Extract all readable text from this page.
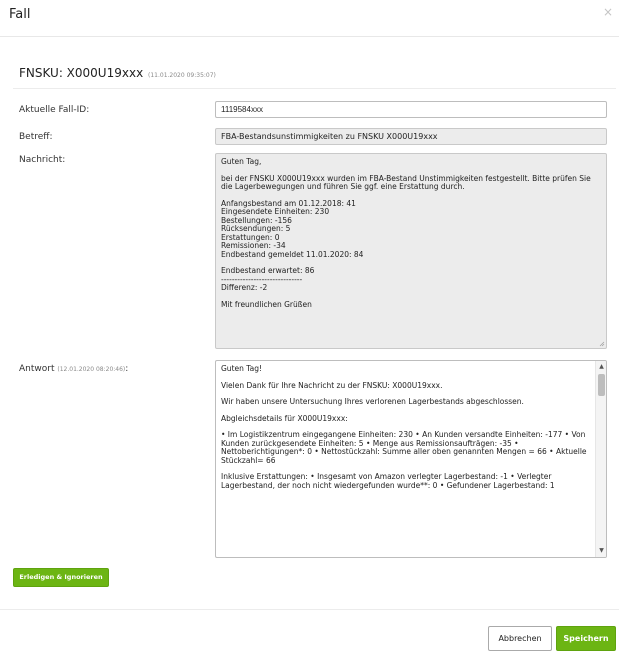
Fall	×
FNSKU: X000U19xxx (11.01.2020 09:35:07)
Aktuelle Fall-ID:
1119584xxx
Betreff:	FBA-Bestandsunstimmigkeiten zu FNSKU X000U19xxx
Nachricht:	Guten Tag,

bei der FNSKU X000U19xxx wurden im FBA-Bestand Unstimmigkeiten festgestellt. Bitte prüfen Sie die Lagerbewegungen und führen Sie ggf. eine Erstattung durch.

Anfangsbestand am 01.12.2018: 41
Eingesendete Einheiten: 230
Bestellungen: -156
Rücksendungen: 5
Erstattungen: 0
Remissionen: -34
Endbestand gemeldet 11.01.2020: 84

Endbestand erwartet: 86
------------------------------
Differenz: -2

Mit freundlichen Grüßen

Antwort (12.01.2020 08:20:46):	Guten Tag!

Vielen Dank für Ihre Nachricht zu der FNSKU: X000U19xxx.

Wir haben unsere Untersuchung Ihres verlorenen Lagerbestands abgeschlossen.

Abgleichsdetails für X000U19xxx:

• Im Logistikzentrum eingegangene Einheiten: 230 • An Kunden versandte Einheiten: -177 • Von Kunden zurückgesendete Einheiten: 5 • Menge aus Remissionsaufträgen: -35 • Nettoberichtigungen*: 0 • Nettostückzahl: Summe aller oben genannten Mengen = 66 • Aktuelle Stückzahl= 66

Inklusive Erstattungen: • Insgesamt von Amazon verlegter Lagerbestand: -1 • Verlegter Lagerbestand, der noch nicht wiedergefunden wurde**: 0 • Gefundener Lagerbestand: 1

▲
▼
Erledigen & Ignorieren
Abbrechen	Speichern
